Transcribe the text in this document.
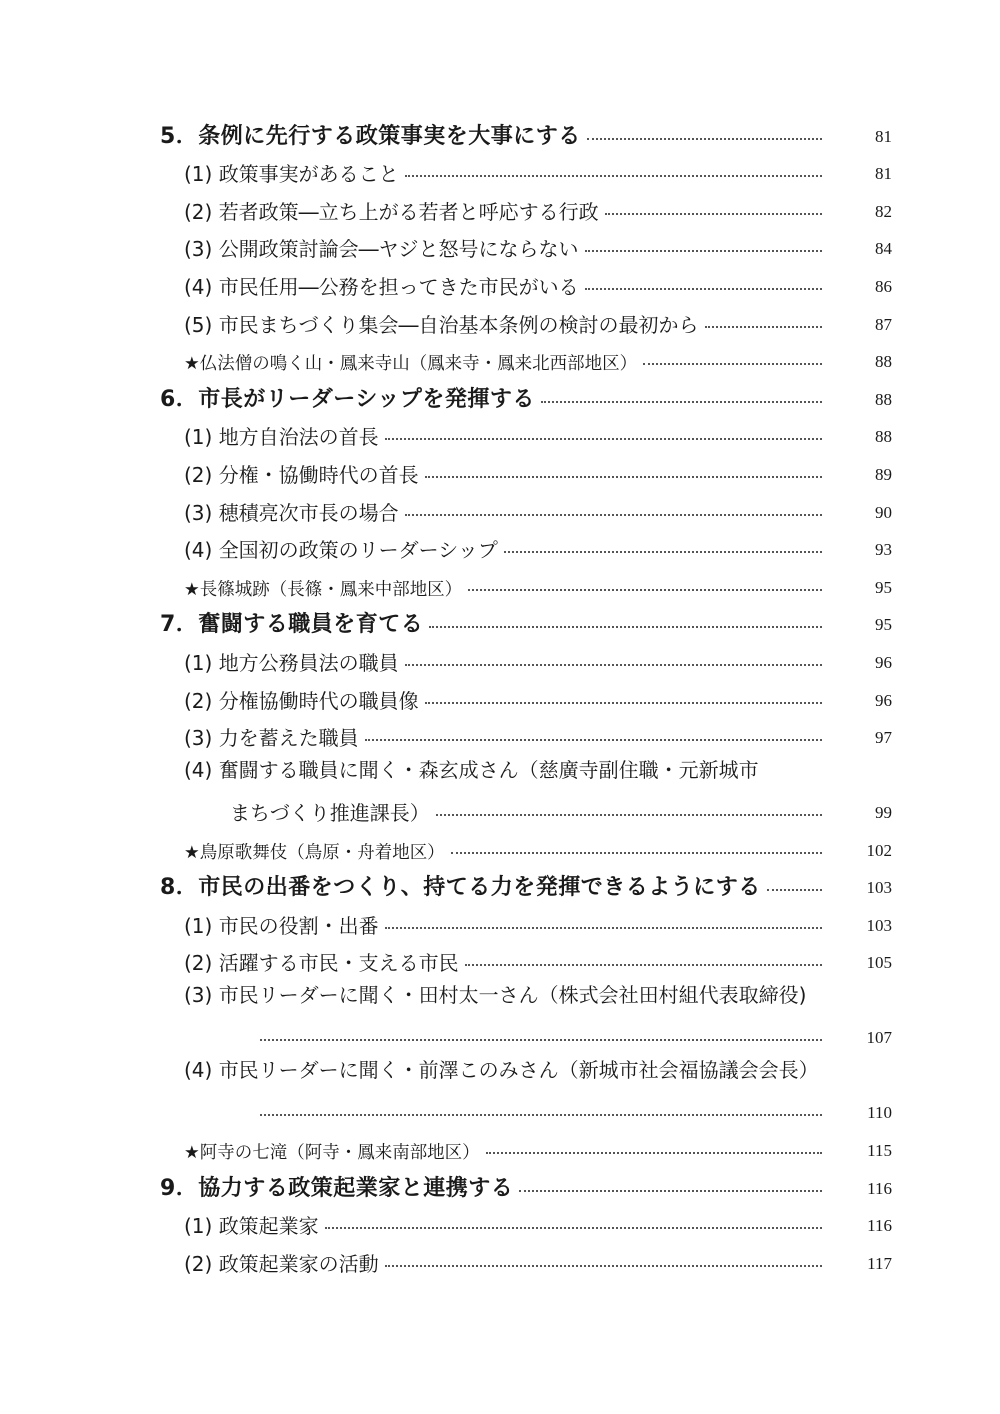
5．条例に先行する政策事実を大事にする	81
(1) 政策事実があること	81
(2) 若者政策―立ち上がる若者と呼応する行政	82
(3) 公開政策討論会―ヤジと怒号にならない	84
(4) 市民任用―公務を担ってきた市民がいる	86
(5) 市民まちづくり集会―自治基本条例の検討の最初から	87
★仏法僧の鳴く山・鳳来寺山（鳳来寺・鳳来北西部地区）	88
6．市長がリーダーシップを発揮する	88
(1) 地方自治法の首長	88
(2) 分権・協働時代の首長	89
(3) 穂積亮次市長の場合	90
(4) 全国初の政策のリーダーシップ	93
★長篠城跡（長篠・鳳来中部地区）	95
7．奮闘する職員を育てる	95
(1) 地方公務員法の職員	96
(2) 分権協働時代の職員像	96
(3) 力を蓄えた職員	97
(4) 奮闘する職員に聞く・森玄成さん（慈廣寺副住職・元新城市
まちづくり推進課長）	99
★鳥原歌舞伎（鳥原・舟着地区）	102
8．市民の出番をつくり、持てる力を発揮できるようにする	103
(1) 市民の役割・出番	103
(2) 活躍する市民・支える市民	105
(3) 市民リーダーに聞く・田村太一さん（株式会社田村組代表取締役)
107
(4) 市民リーダーに聞く・前澤このみさん（新城市社会福協議会会長）
110
★阿寺の七滝（阿寺・鳳来南部地区）	115
9．協力する政策起業家と連携する	116
(1) 政策起業家	116
(2) 政策起業家の活動	117
